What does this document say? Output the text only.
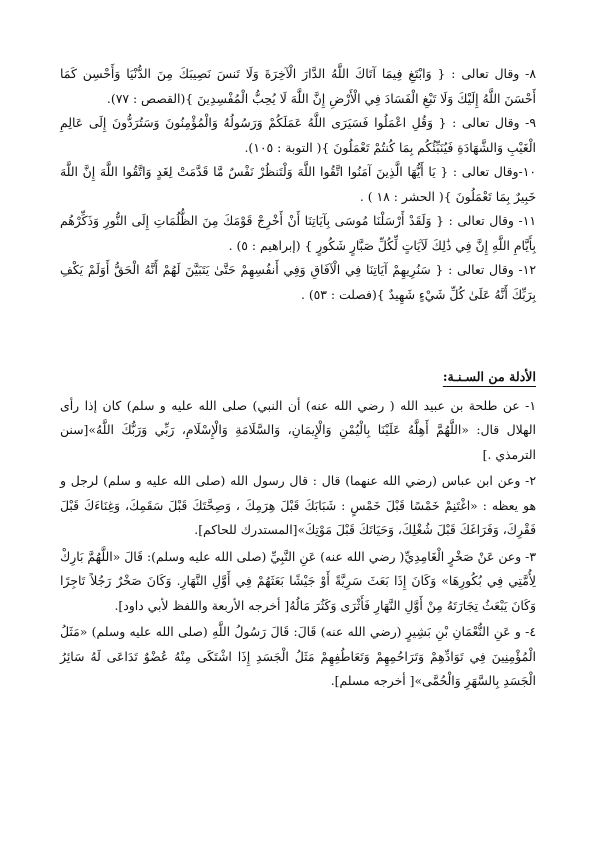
٨- وقال تعالى : { وَابْتَغِ فِيمَا آتَاكَ اللَّهُ الدَّارَ الْآخِرَةَ وَلَا تَنسَ نَصِيبَكَ مِنَ الدُّنْيَا وَأَحْسِن كَمَا أَحْسَنَ اللَّهُ إِلَيْكَ وَلَا تَبْغِ الْفَسَادَ فِي الْأَرْضِ إِنَّ اللَّهَ لَا يُحِبُّ الْمُفْسِدِينَ }(القصص : ٧٧).

٩- وقال تعالى : { وَقُلِ اعْمَلُوا فَسَيَرَى اللَّهُ عَمَلَكُمْ وَرَسُولُهُ وَالْمُؤْمِنُونَ وَسَتُرَدُّونَ إِلَى عَالِمِ الْغَيْبِ وَالشَّهَادَةِ فَيُنَبِّئُكُم بِمَا كُنتُمْ تَعْمَلُونَ }( التوبة : ١٠٥).

١٠-وقال تعالى : { يَا أَيُّهَا الَّذِينَ آمَنُوا اتَّقُوا اللَّهَ وَلْتَنظُرْ نَفْسٌ مَّا قَدَّمَتْ لِغَدٍ وَاتَّقُوا اللَّهَ إِنَّ اللَّهَ خَبِيرٌ بِمَا تَعْمَلُونَ }( الحشر : ١٨ ) .

١١- وقال تعالى : { وَلَقَدْ أَرْسَلْنَا مُوسَى بِآيَاتِنَا أَنْ أَخْرِجْ قَوْمَكَ مِنَ الظُّلُمَاتِ إِلَى النُّورِ وَذَكِّرْهُم بِأَيَّامِ اللَّهِ إِنَّ فِي ذَٰلِكَ لَآيَاتٍ لِّكُلِّ صَبَّارٍ شَكُورٍ } (إبراهيم : ٥) .

١٢- وقال تعالى : { سَنُرِيهِمْ آيَاتِنَا فِي الْآفَاقِ وَفِي أَنفُسِهِمْ حَتَّىٰ يَتَبَيَّنَ لَهُمْ أَنَّهُ الْحَقُّ أَوَلَمْ يَكْفِ بِرَبِّكَ أَنَّهُ عَلَىٰ كُلِّ شَيْءٍ شَهِيدٌ }(فصلت : ٥٣) .

الأدلة من السـنـة:

١- عن طلحة بن عبيد الله ( رضي الله عنه) أن النبي) صلى الله عليه و سلم) كان إذا رأى الهلال قال: «اللَّهُمَّ أَهِلَّهُ عَلَيْنَا بِالْيُمْنِ وَالْإِيمَانِ، وَالسَّلَامَةِ وَالْإِسْلَامِ، رَبِّي وَرَبُّكَ اللَّهُ»[سنن الترمذي .]

٢- وعن ابن عباس (رضي الله عنهما) قال : قال رسول الله (صلى الله عليه و سلم) لرجل و هو يعظه : «اغْتَنِمْ خَمْسًا قَبْلَ خَمْسٍ : شَبَابَكَ قَبْلَ هِرَمِكَ ، وَصِحَّتَكَ قَبْلَ سَقَمِكَ، وَغِنَاءَكَ قَبْلَ فَقْرِكَ، وَفَرَاغَكَ قَبْلَ شُغْلِكَ، وَحَيَاتَكَ قَبْلَ مَوْتِكَ»[المستدرك للحاكم].

٣- وعن عَنْ صَخْرٍ الْغَامِدِيِّ( رضي الله عنه) عَنِ النَّبِيِّ (صلى الله عليه وسلم): قَالَ «اللَّهُمَّ بَارِكْ لِأُمَّتِي فِي بُكُورِهَا» وَكَانَ إِذَا بَعَثَ سَرِيَّةً أَوْ جَيْشًا بَعَثَهُمْ فِي أَوَّلِ النَّهَارِ. وَكَانَ صَخْرٌ رَجُلاً تَاجِرًا وَكَانَ يَبْعَثُ تِجَارَتَهُ مِنْ أَوَّلِ النَّهَارِ فَأَثْرَى وَكَثُرَ مَالُهُ[ أخرجه الأربعة واللفظ لأبي داود].

٤- و عَنِ النُّعْمَانِ بْنِ بَشِيرٍ (رضي الله عنه) قَالَ: قَالَ رَسُولُ اللَّهِ (صلى الله عليه وسلم) «مَثَلُ الْمُؤْمِنِينَ فِي تَوَادِّهِمْ وَتَرَاحُمِهِمْ وَتَعَاطُفِهِمْ مَثَلُ الْجَسَدِ إِذَا اشْتَكَى مِنْهُ عُضْوٌ تَدَاعَى لَهُ سَائِرُ الْجَسَدِ بِالسَّهَرِ وَالْحُمَّى»[ أخرجه مسلم].
